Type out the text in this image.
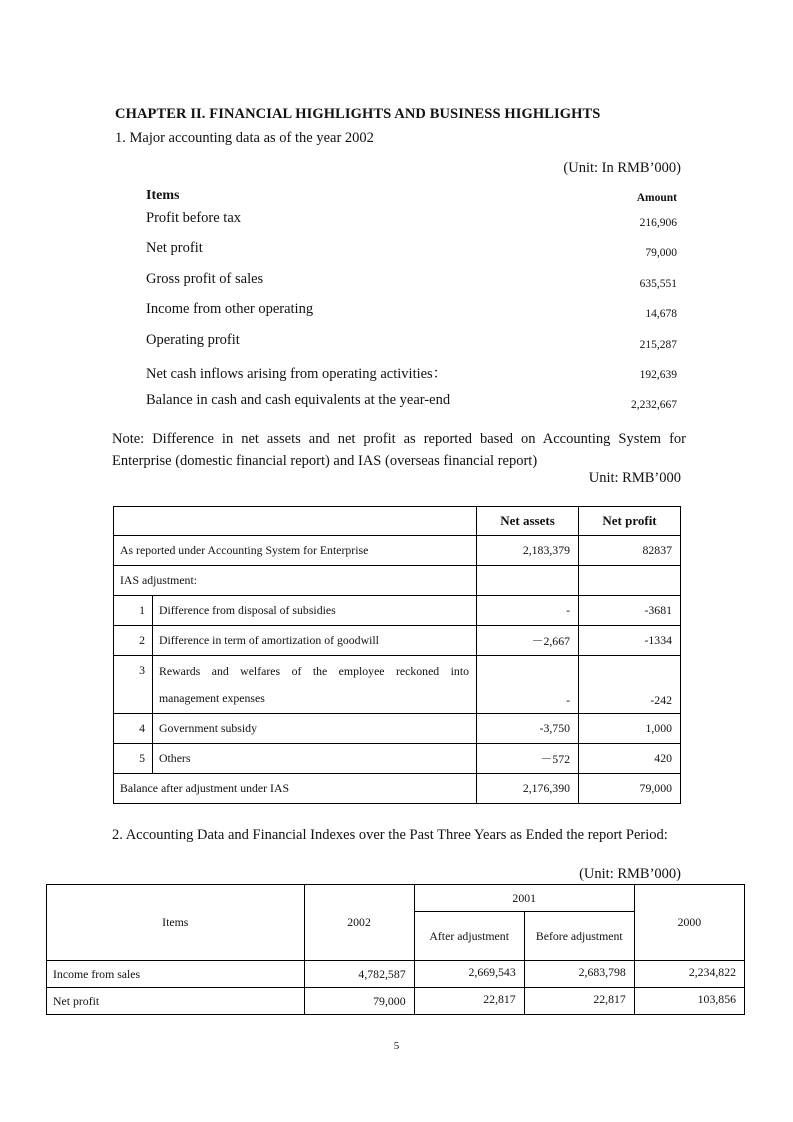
CHAPTER II. FINANCIAL HIGHLIGHTS AND BUSINESS HIGHLIGHTS
1. Major accounting data as of the year 2002
(Unit: In RMB’000)
Items	Amount
Profit before tax	216,906
Net profit	79,000
Gross profit of sales	635,551
Income from other operating	14,678
Operating profit	215,287
Net cash inflows arising from operating activities：	192,639
Balance in cash and cash equivalents at the year-end	2,232,667
Note: Difference in net assets and net profit as reported based on Accounting System for Enterprise (domestic financial report) and IAS (overseas financial report)
Unit: RMB’000
		Net assets	Net profit
As reported under Accounting System for Enterprise		2,183,379	82837
IAS adjustment:			
1	Difference from disposal of subsidies	-	-3681
2	Difference in term of amortization of goodwill	－2,667	-1334
3	Rewards and welfares of the employee reckoned into
management expenses	-	-242
4	Government subsidy	-3,750	1,000
5	Others	－572	420
Balance after adjustment under IAS		2,176,390	79,000
2. Accounting Data and Financial Indexes over the Past Three Years as Ended the report Period:
(Unit: RMB’000)
Items	2002	2001		2000
		After adjustment	Before adjustment	
Income from sales	4,782,587	2,669,543	2,683,798	2,234,822
Net profit	79,000	22,817	22,817	103,856
5
